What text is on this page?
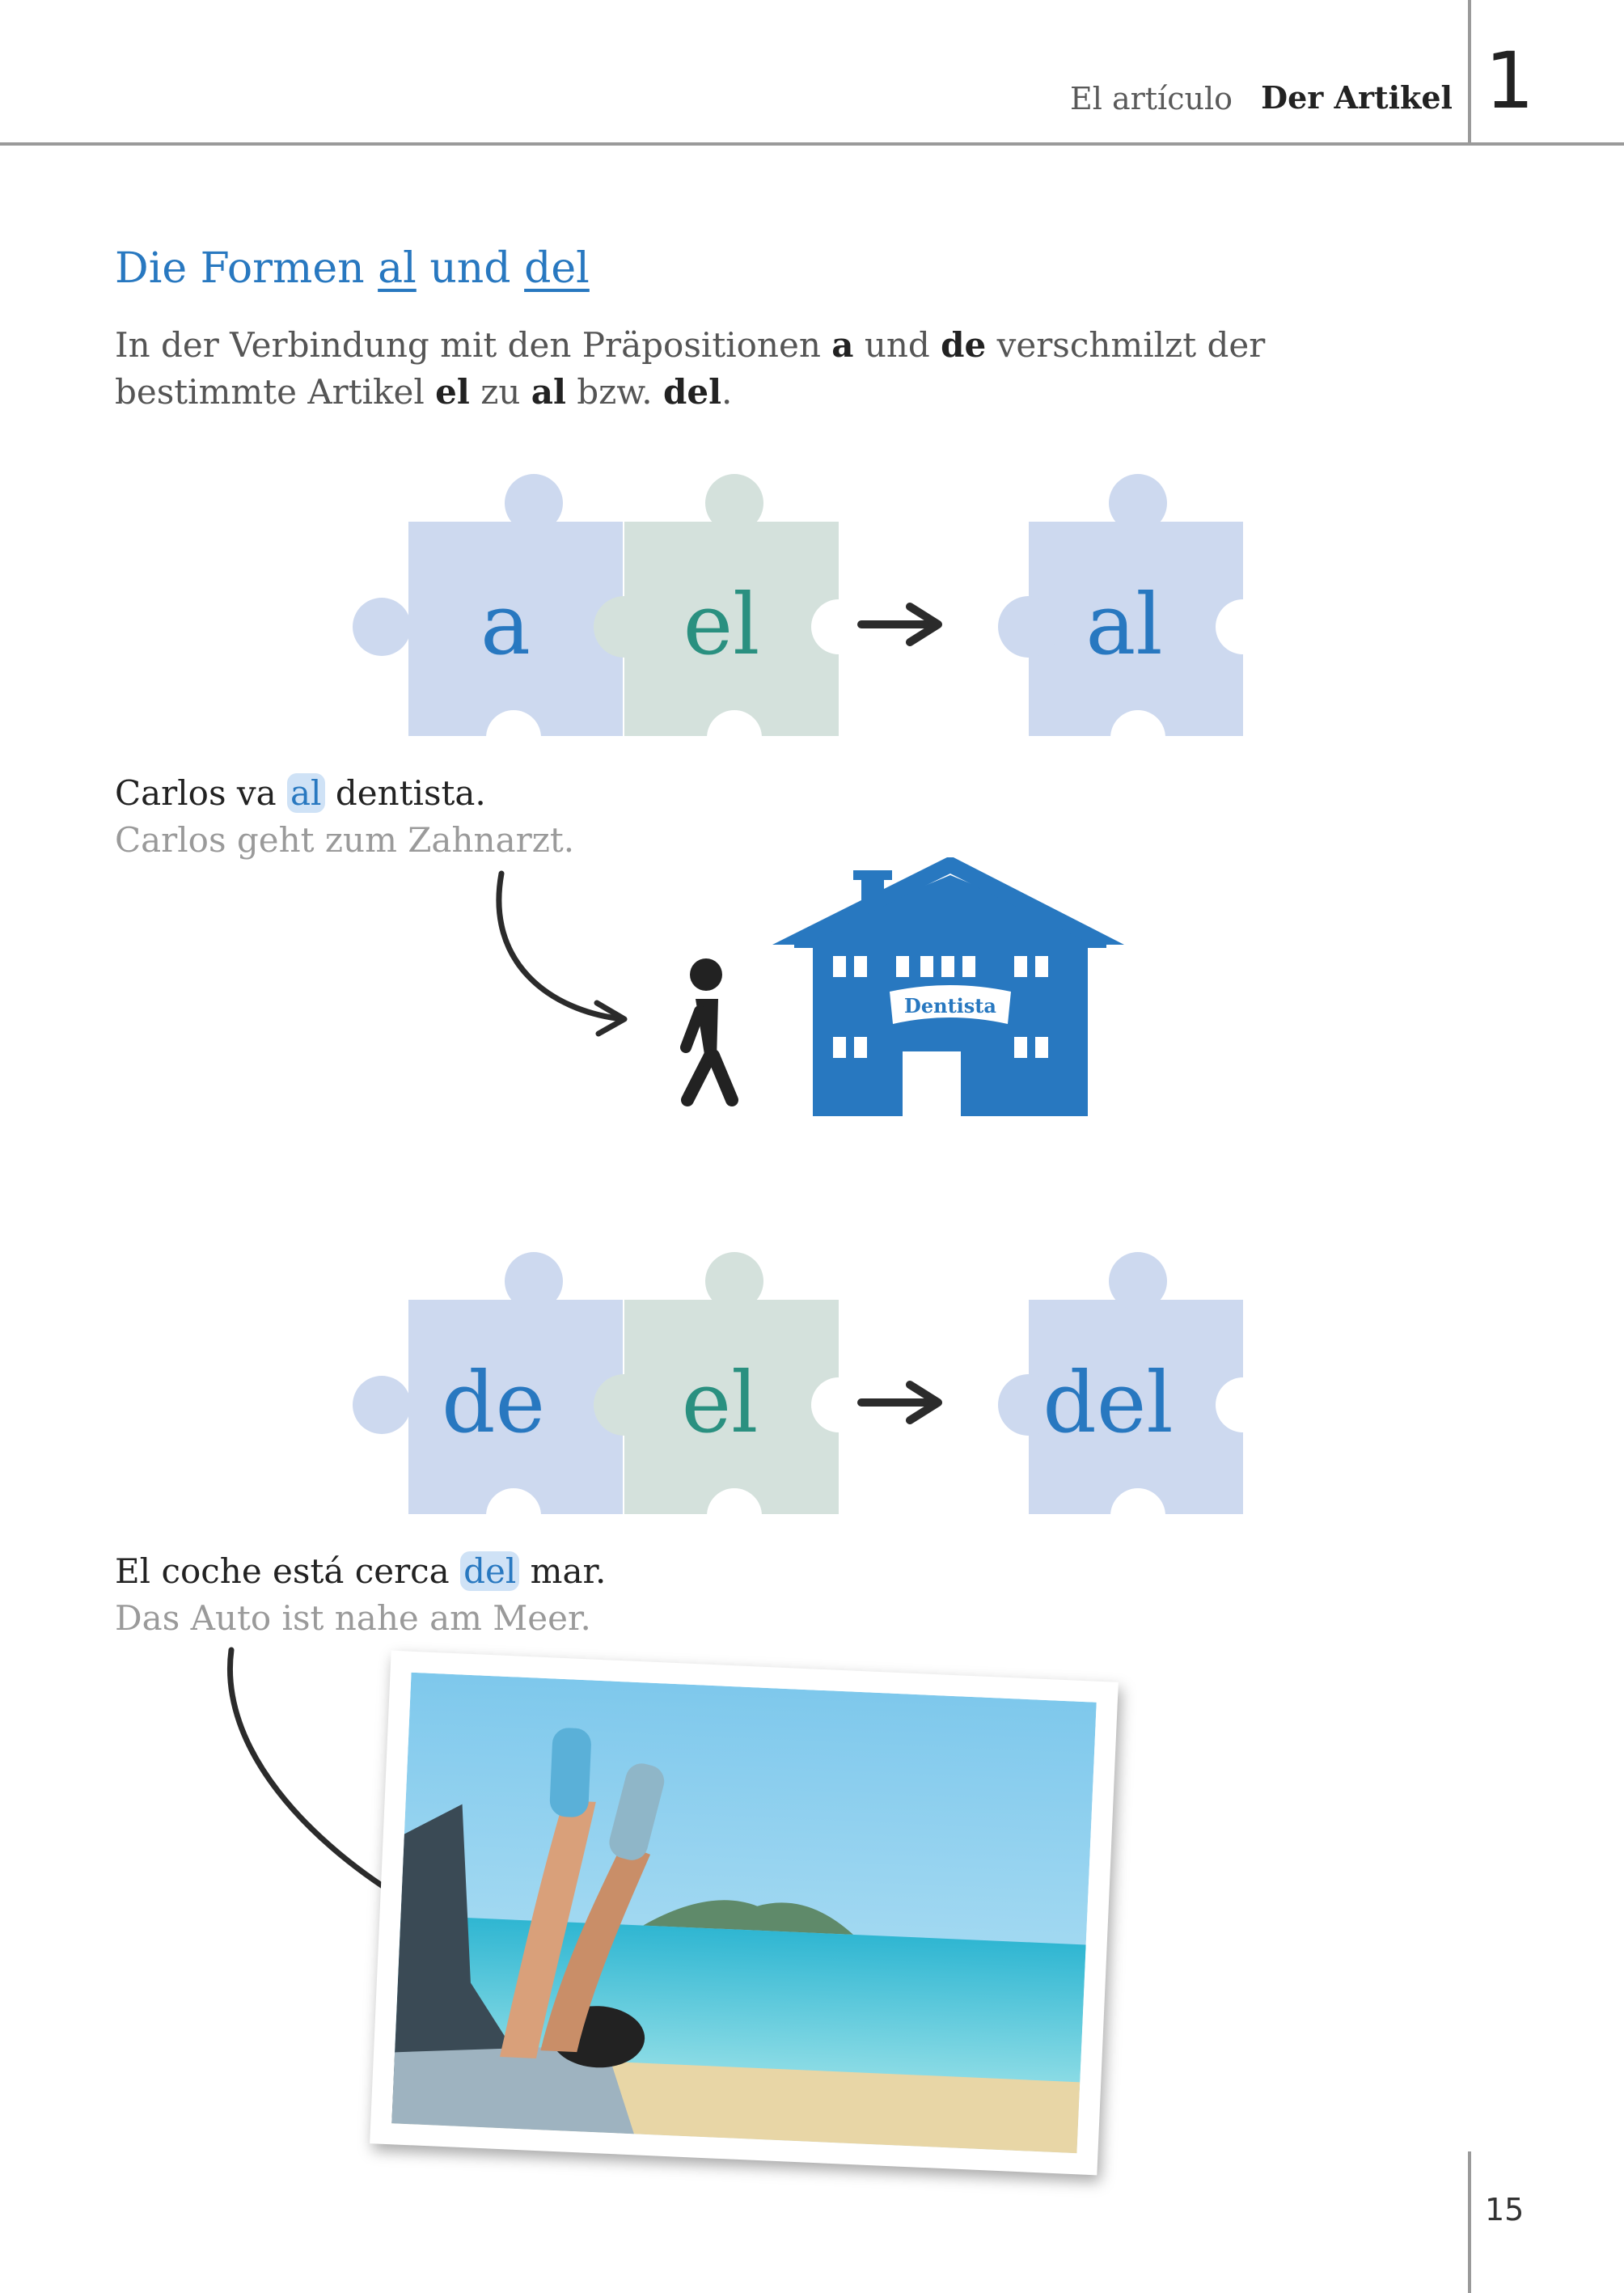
El artículo Der Artikel 1
Die Formen al und del
In der Verbindung mit den Präpositionen a und de verschmilzt der bestimmte Artikel el zu al bzw. del.
a el	al
Carlos va al dentista.
Carlos geht zum Zahnarzt.
Dentista
de el	del
El coche está cerca del mar.
Das Auto ist nahe am Meer.
15
